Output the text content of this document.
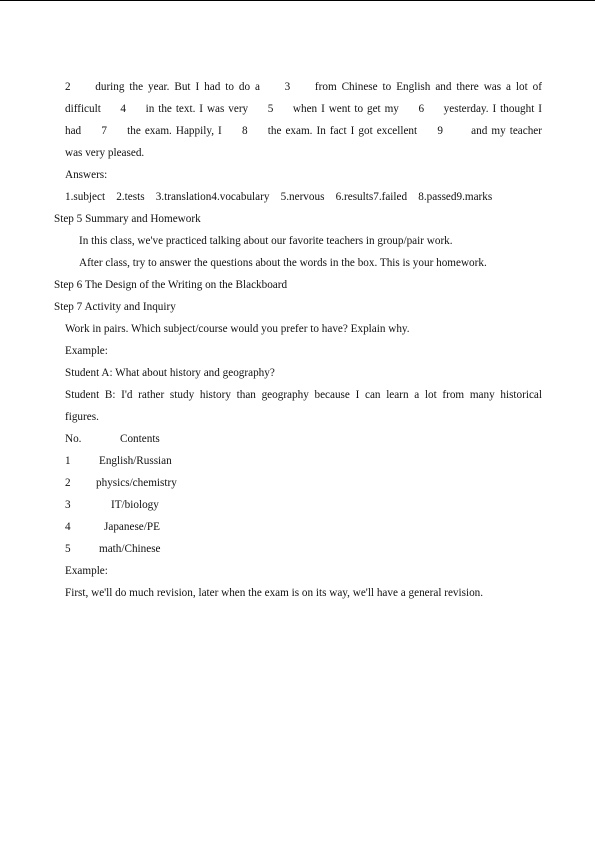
2     during the year. But I had to do a     3     from Chinese to English and there was a lot of
difficult     4     in the text. I was very     5     when I went to get my     6     yesterday. I thought I
had     7     the exam. Happily, I     8     the exam. In fact I got excellent     9       and my teacher
was very pleased.
Answers:
1.subject    2.tests    3.translation4.vocabulary    5.nervous    6.results7.failed    8.passed9.marks
Step 5 Summary and Homework
In this class, we've practiced talking about our favorite teachers in group/pair work.
After class, try to answer the questions about the words in the box. This is your homework.
Step 6 The Design of the Writing on the Blackboard
Step 7 Activity and Inquiry
Work in pairs. Which subject/course would you prefer to have? Explain why.
Example:
Student A: What about history and geography?
Student B: I'd rather study history than geography because I can learn a lot from many historical
figures.
No.	Contents
1	English/Russian
2 physics/chemistry
3	IT/biology
4	Japanese/PE
5	math/Chinese
Example:
First, we'll do much revision, later when the exam is on its way, we'll have a general revision.
